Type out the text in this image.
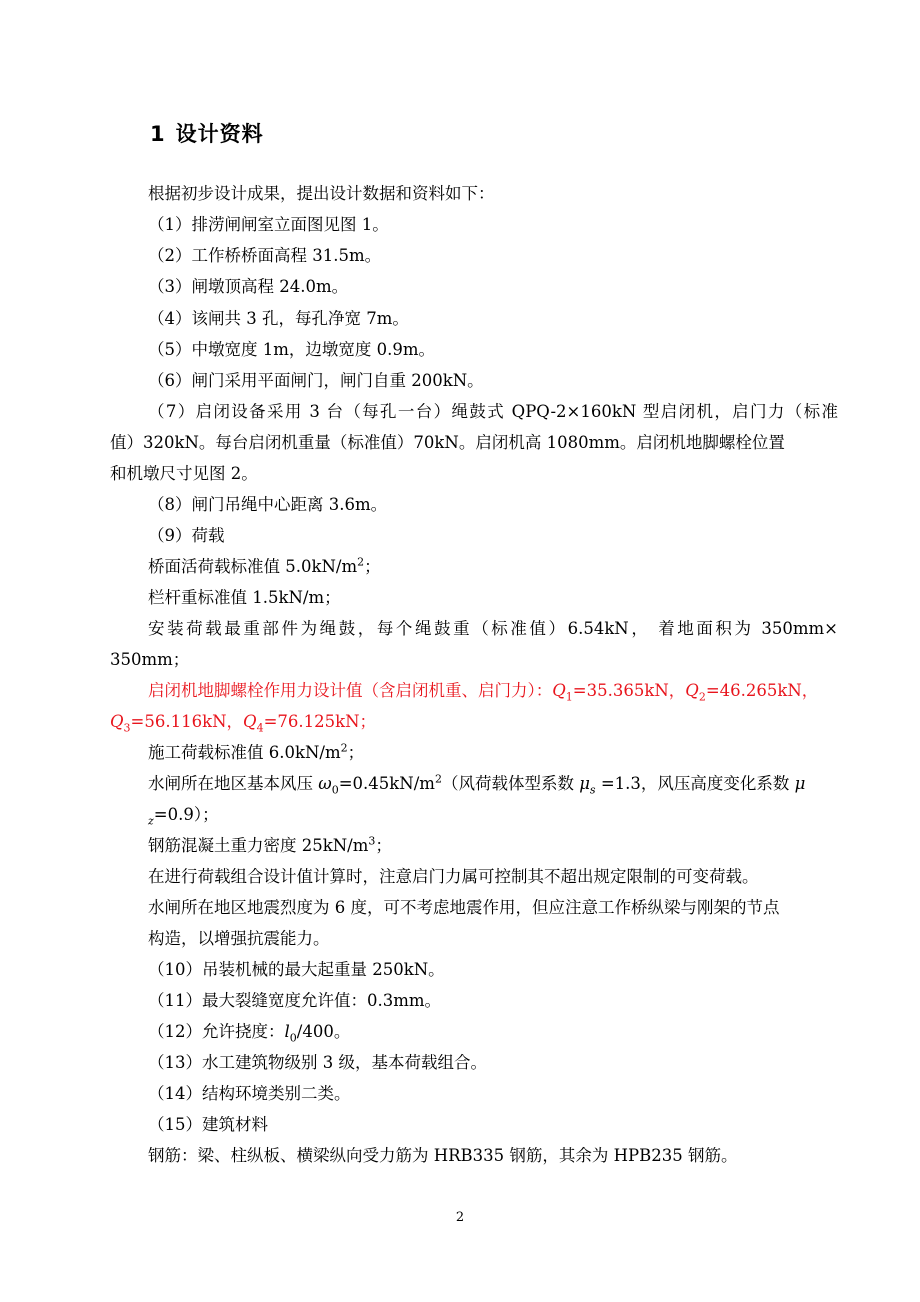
1 设计资料
根据初步设计成果，提出设计数据和资料如下：
（1）排涝闸闸室立面图见图 1。
（2）工作桥桥面高程 31.5m。
（3）闸墩顶高程 24.0m。
（4）该闸共 3 孔，每孔净宽 7m。
（5）中墩宽度 1m，边墩宽度 0.9m。
（6）闸门采用平面闸门，闸门自重 200kN。
（7）启闭设备采用 3 台（每孔一台）绳鼓式 QPQ-2×160kN 型启闭机，启门力（标准
值）320kN。每台启闭机重量（标准值）70kN。启闭机高 1080mm。启闭机地脚螺栓位置
和机墩尺寸见图 2。
（8）闸门吊绳中心距离 3.6m。
（9）荷载
桥面活荷载标准值 $5.0kN/m^2$；
栏杆重标准值 1.5kN/m；
安装荷载最重部件为绳鼓，每个绳鼓重（标准值）6.54kN， 着地面积为 350mm×
350mm；
启闭机地脚螺栓作用力设计值（含启闭机重、启门力）：$Q_1=35.365kN$，$Q_2=46.265kN$，
$Q_3=56.116kN$，$Q_4=76.125kN$；
施工荷载标准值 $6.0kN/m^2$；
水闸所在地区基本风压 $\omega_0=0.45kN/m^2$（风荷载体型系数 $\mu_s =1.3$，风压高度变化系数 μ
$_z$=0.9）；
钢筋混凝土重力密度 $25kN/m^3$；
在进行荷载组合设计值计算时，注意启门力属可控制其不超出规定限制的可变荷载。
水闸所在地区地震烈度为 6 度，可不考虑地震作用，但应注意工作桥纵梁与刚架的节点
构造，以增强抗震能力。
（10）吊装机械的最大起重量 250kN。
（11）最大裂缝宽度允许值：0.3mm。
（12）允许挠度：$l_0/400$。
（13）水工建筑物级别 3 级，基本荷载组合。
（14）结构环境类别二类。
（15）建筑材料
钢筋：梁、柱纵板、横梁纵向受力筋为 HRB335 钢筋，其余为 HPB235 钢筋。
2
